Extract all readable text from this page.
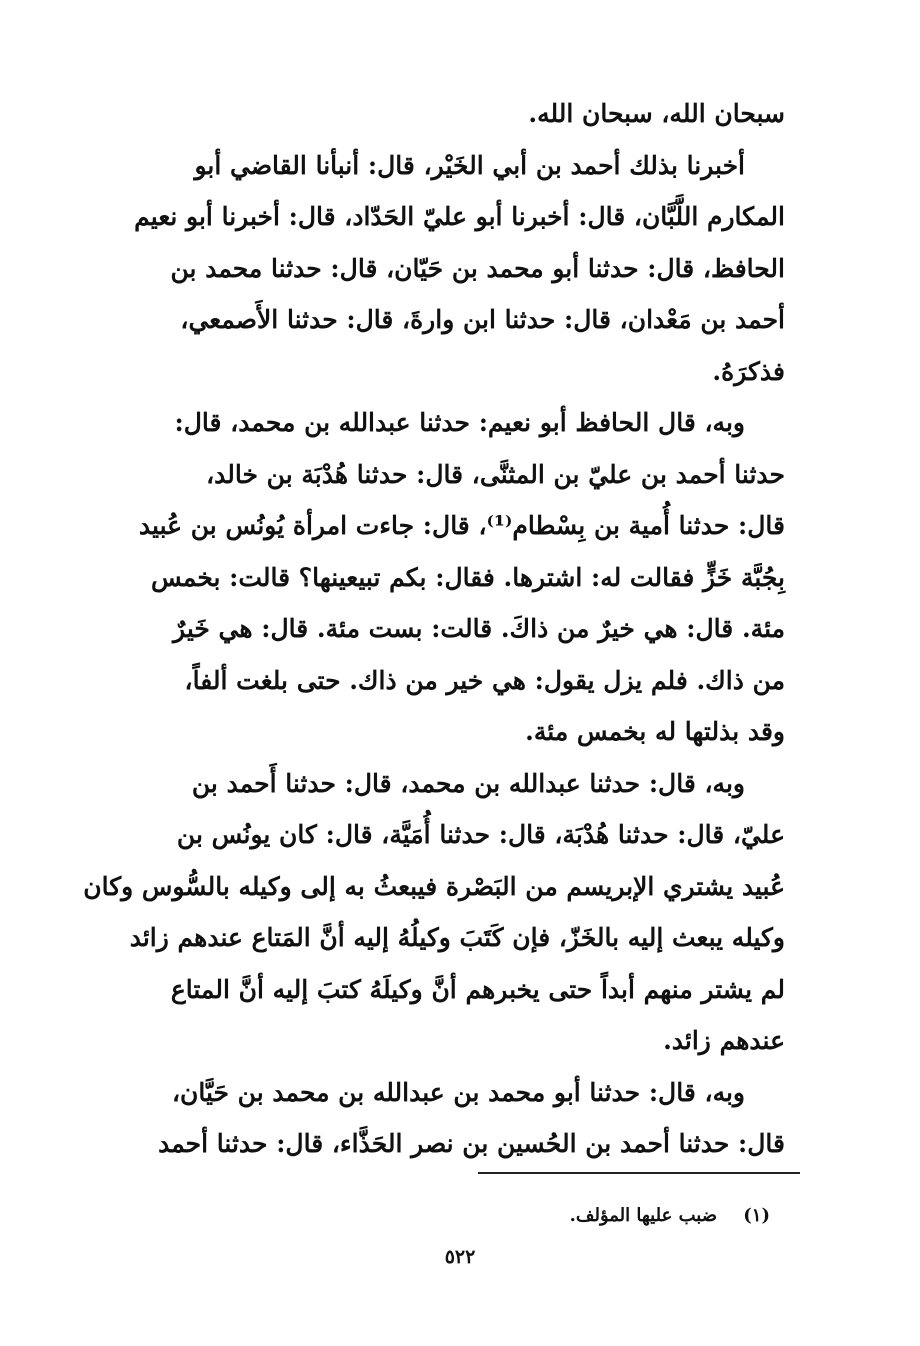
سبحان الله، سبحان الله.
أخبرنا بذلك أحمد بن أبي الخَيْر، قال: أنبأنا القاضي أبو
المكارم اللَّبَّان، قال: أخبرنا أبو عليّ الحَدّاد، قال: أخبرنا أبو نعيم
الحافظ، قال: حدثنا أبو محمد بن حَيّان، قال: حدثنا محمد بن
أحمد بن مَعْدان، قال: حدثنا ابن وارةَ، قال: حدثنا الأَصمعي،
فذكرَهُ.
وبه، قال الحافظ أبو نعيم: حدثنا عبدالله بن محمد، قال:
حدثنا أحمد بن عليّ بن المثنَّى، قال: حدثنا هُدْبَة بن خالد،
قال: حدثنا أُمية بن بِسْطام⁽¹⁾، قال: جاءت امرأة يُونُس بن عُبيد
بِجُبَّة خَزٍّ فقالت له: اشترها. فقال: بكم تبيعينها؟ قالت: بخمس
مئة. قال: هي خيرٌ من ذاكَ. قالت: بست مئة. قال: هي خَيرٌ
من ذاك. فلم يزل يقول: هي خير من ذاك. حتى بلغت ألفاً،
وقد بذلتها له بخمس مئة.
وبه، قال: حدثنا عبدالله بن محمد، قال: حدثنا أَحمد بن
عليّ، قال: حدثنا هُدْبَة، قال: حدثنا أُمَيَّة، قال: كان يونُس بن
عُبيد يشتري الإبريسم من البَصْرة فيبعثُ به إلى وكيله بالسُّوس وكان
وكيله يبعث إليه بالخَزّ، فإن كَتَبَ وكيلُهُ إليه أنَّ المَتاع عندهم زائد
لم يشتر منهم أبداً حتى يخبرهم أنَّ وكيلَهُ كتبَ إليه أنَّ المتاع
عندهم زائد.
وبه، قال: حدثنا أبو محمد بن عبدالله بن محمد بن حَيَّان،
قال: حدثنا أحمد بن الحُسين بن نصر الحَذَّاء، قال: حدثنا أحمد
(١) ضبب عليها المؤلف.
٥٢٢
